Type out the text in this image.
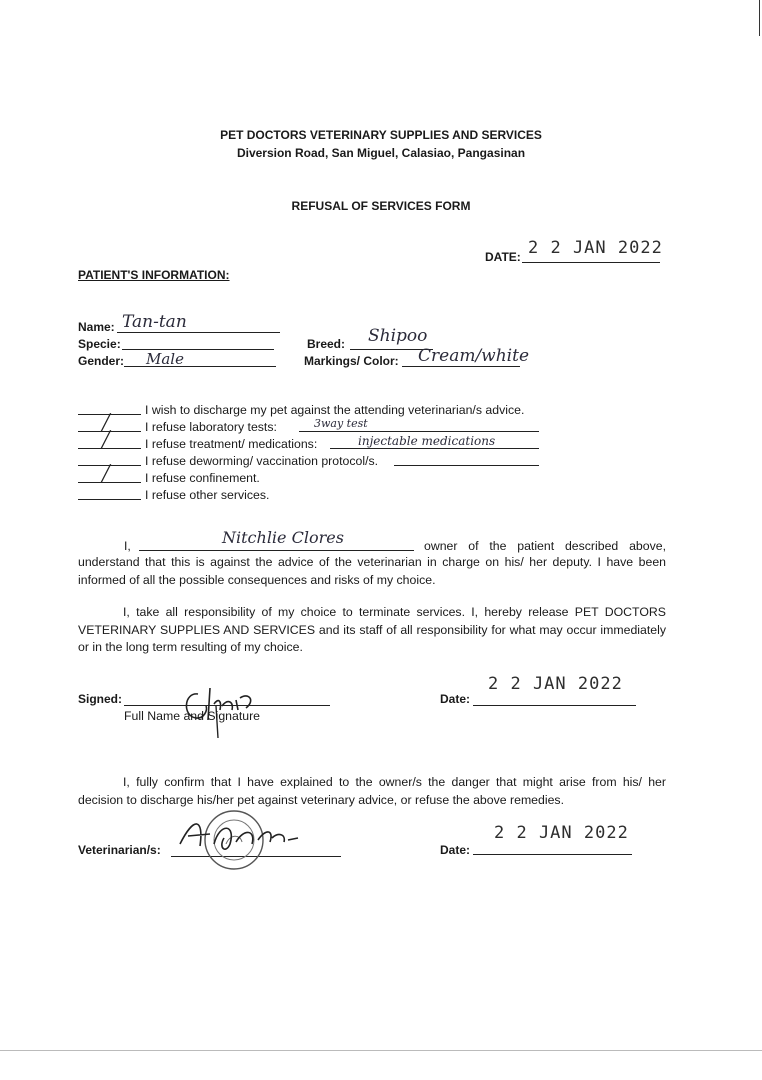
PET DOCTORS VETERINARY SUPPLIES AND SERVICES
Diversion Road, San Miguel, Calasiao, Pangasinan
REFUSAL OF SERVICES FORM
DATE: 2 2 JAN 2022
PATIENT'S INFORMATION:
Name: Tan-tan
Specie:
Gender: Male
Breed: Shipoo
Markings/ Color: Cream/white
I wish to discharge my pet against the attending veterinarian/s advice.
╱	I refuse laboratory tests:	3way test
╱	I refuse treatment/ medications:	injectable medications
I refuse deworming/ vaccination protocol/s.
╱	I refuse confinement.
I refuse other services.
I,	Nitchlie Clores	owner of the patient described above,
understand that this is against the advice of the veterinarian in charge on his/ her deputy. I have been informed of all the possible consequences and risks of my choice.
I, take all responsibility of my choice to terminate services. I, hereby release PET DOCTORS VETERINARY SUPPLIES AND SERVICES and its staff of all responsibility for what may occur immediately or in the long term resulting of my choice.
Signed:
Full Name and Signature
Date:
2 2 JAN 2022
I, fully confirm that I have explained to the owner/s the danger that might arise from his/ her decision to discharge his/her pet against veterinary advice, or refuse the above remedies.
Veterinarian/s:	Date:
2 2 JAN 2022
